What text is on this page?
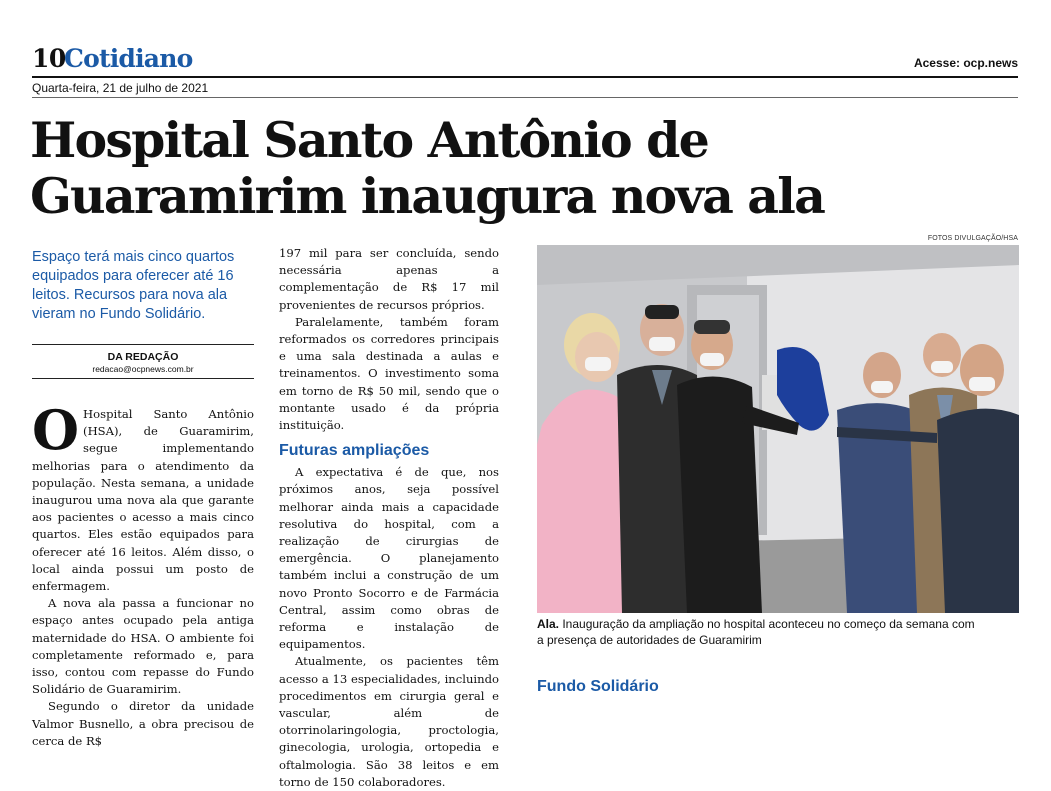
10
Cotidiano	Acesse: ocp.news
Quarta-feira, 21 de julho de 2021
Hospital Santo Antônio de Guaramirim inaugura nova ala
FOTOS DIVULGAÇÃO/HSA
Espaço terá mais cinco quartos equipados para oferecer até 16 leitos. Recursos para nova ala vieram no Fundo Solidário.
DA REDAÇÃO
redacao@ocpnews.com.br
O Hospital Santo Antônio (HSA), de Guaramirim, segue implementando melhorias para o atendimento da população. Nesta semana, a unidade inaugurou uma nova ala que garante aos pacientes o acesso a mais cinco quartos. Eles estão equipados para oferecer até 16 leitos. Além disso, o local ainda possui um posto de enfermagem.

A nova ala passa a funcionar no espaço antes ocupado pela antiga maternidade do HSA. O ambiente foi completamente reformado e, para isso, contou com repasse do Fundo Solidário de Guaramirim.

Segundo o diretor da unidade Valmor Busnello, a obra precisou de cerca de R$

197 mil para ser concluída, sendo necessária apenas a complementação de R$ 17 mil provenientes de recursos próprios.

Paralelamente, também foram reformados os corredores principais e uma sala destinada a aulas e treinamentos. O investimento soma em torno de R$ 50 mil, sendo que o montante usado é da própria instituição.

Futuras ampliações

A expectativa é de que, nos próximos anos, seja possível melhorar ainda mais a capacidade resolutiva do hospital, com a realização de cirurgias de emergência. O planejamento também inclui a construção de um novo Pronto Socorro e de Farmácia Central, assim como obras de reforma e instalação de equipamentos.

Atualmente, os pacientes têm acesso a 13 especialidades, incluindo procedimentos em cirurgia geral e vascular, além de otorrinolaringologia, proctologia, ginecologia, urologia, ortopedia e oftalmologia. São 38 leitos e em torno de 150 colaboradores.

Ala. Inauguração da ampliação no hospital aconteceu no começo da semana com a presença de autoridades de Guaramirim
Fundo Solidário
